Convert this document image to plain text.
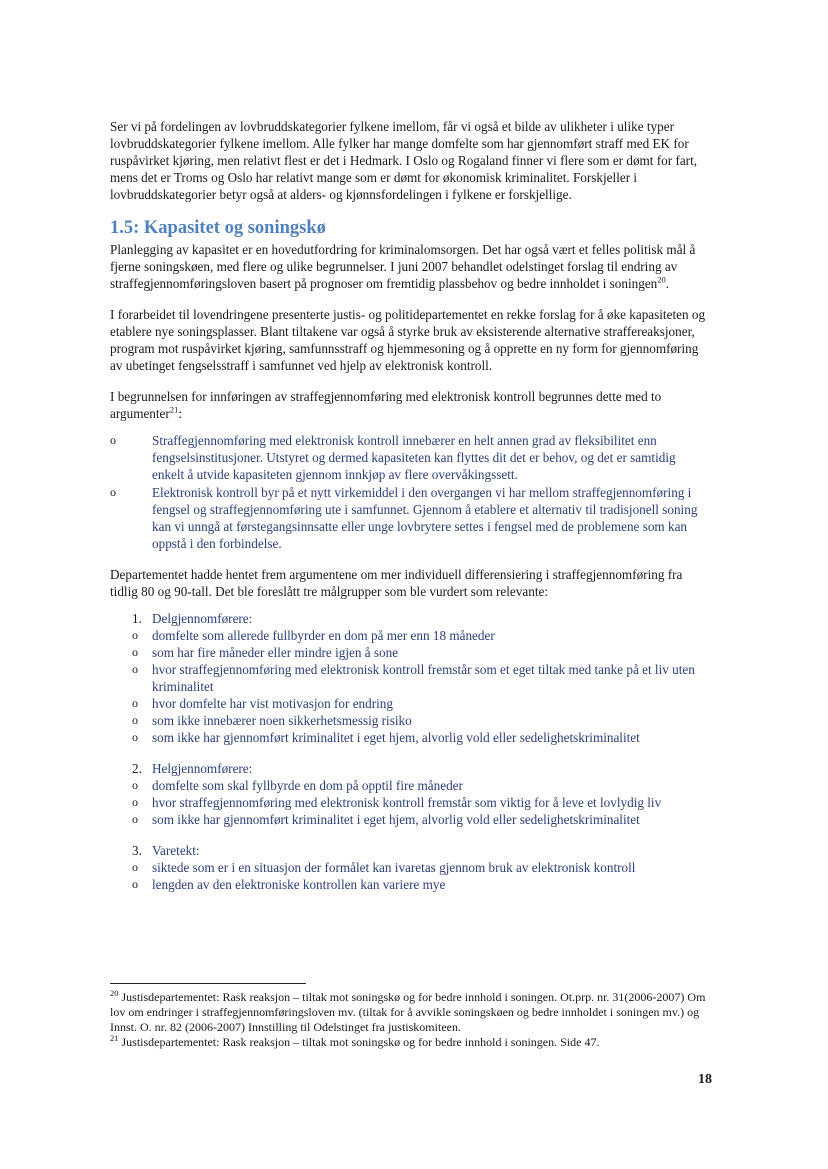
Ser vi på fordelingen av lovbruddskategorier fylkene imellom, får vi også et bilde av ulikheter i ulike typer lovbruddskategorier fylkene imellom. Alle fylker har mange domfelte som har gjennomført straff med EK for ruspåvirket kjøring, men relativt flest er det i Hedmark. I Oslo og Rogaland finner vi flere som er dømt for fart, mens det er Troms og Oslo har relativt mange som er dømt for økonomisk kriminalitet. Forskjeller i lovbruddskategorier betyr også at alders- og kjønnsfordelingen i fylkene er forskjellige.

1.5: Kapasitet og soningskø

Planlegging av kapasitet er en hovedutfordring for kriminalomsorgen. Det har også vært et felles politisk mål å fjerne soningskøen, med flere og ulike begrunnelser. I juni 2007 behandlet odelstinget forslag til endring av straffegjennomføringsloven basert på prognoser om fremtidig plassbehov og bedre innholdet i soningen$^{20}$.

I forarbeidet til lovendringene presenterte justis- og politidepartementet en rekke forslag for å øke kapasiteten og etablere nye soningsplasser. Blant tiltakene var også å styrke bruk av eksisterende alternative straffereaksjoner, program mot ruspåvirket kjøring, samfunnsstraff og hjemmesoning og å opprette en ny form for gjennomføring av ubetinget fengselsstraff i samfunnet ved hjelp av elektronisk kontroll.

I begrunnelsen for innføringen av straffegjennomføring med elektronisk kontroll begrunnes dette med to argumenter$^{21}$:

o	Straffegjennomføring med elektronisk kontroll innebærer en helt annen grad av fleksibilitet enn fengselsinstitusjoner. Utstyret og dermed kapasiteten kan flyttes dit det er behov, og det er samtidig enkelt å utvide kapasiteten gjennom innkjøp av flere overvåkingssett.
o	Elektronisk kontroll byr på et nytt virkemiddel i den overgangen vi har mellom straffegjennomføring i fengsel og straffegjennomføring ute i samfunnet. Gjennom å etablere et alternativ til tradisjonell soning kan vi unngå at førstegangsinnsatte eller unge lovbrytere settes i fengsel med de problemene som kan oppstå i den forbindelse.

Departementet hadde hentet frem argumentene om mer individuell differensiering i straffegjennomføring fra tidlig 80 og 90-tall. Det ble foreslått tre målgrupper som ble vurdert som relevante:

1. Delgjennomførere:
o domfelte som allerede fullbyrder en dom på mer enn 18 måneder
o som har fire måneder eller mindre igjen å sone
o hvor straffegjennomføring med elektronisk kontroll fremstår som et eget tiltak med tanke på et liv uten kriminalitet
o hvor domfelte har vist motivasjon for endring
o som ikke innebærer noen sikkerhetsmessig risiko
o som ikke har gjennomført kriminalitet i eget hjem, alvorlig vold eller sedelighetskriminalitet
2. Helgjennomførere:
o domfelte som skal fyllbyrde en dom på opptil fire måneder
o hvor straffegjennomføring med elektronisk kontroll fremstår som viktig for å leve et lovlydig liv
o som ikke har gjennomført kriminalitet i eget hjem, alvorlig vold eller sedelighetskriminalitet
3. Varetekt:
o siktede som er i en situasjon der formålet kan ivaretas gjennom bruk av elektronisk kontroll
o lengden av den elektroniske kontrollen kan variere mye

$^{20}$ Justisdepartementet: Rask reaksjon – tiltak mot soningskø og for bedre innhold i soningen. Ot.prp. nr. 31(2006-2007) Om lov om endringer i straffegjennomføringsloven mv. (tiltak for å avvikle soningskøen og bedre innholdet i soningen mv.) og Innst. O. nr. 82 (2006-2007) Innstilling til Odelstinget fra justiskomiteen.

$^{21}$ Justisdepartementet: Rask reaksjon – tiltak mot soningskø og for bedre innhold i soningen. Side 47.

18
